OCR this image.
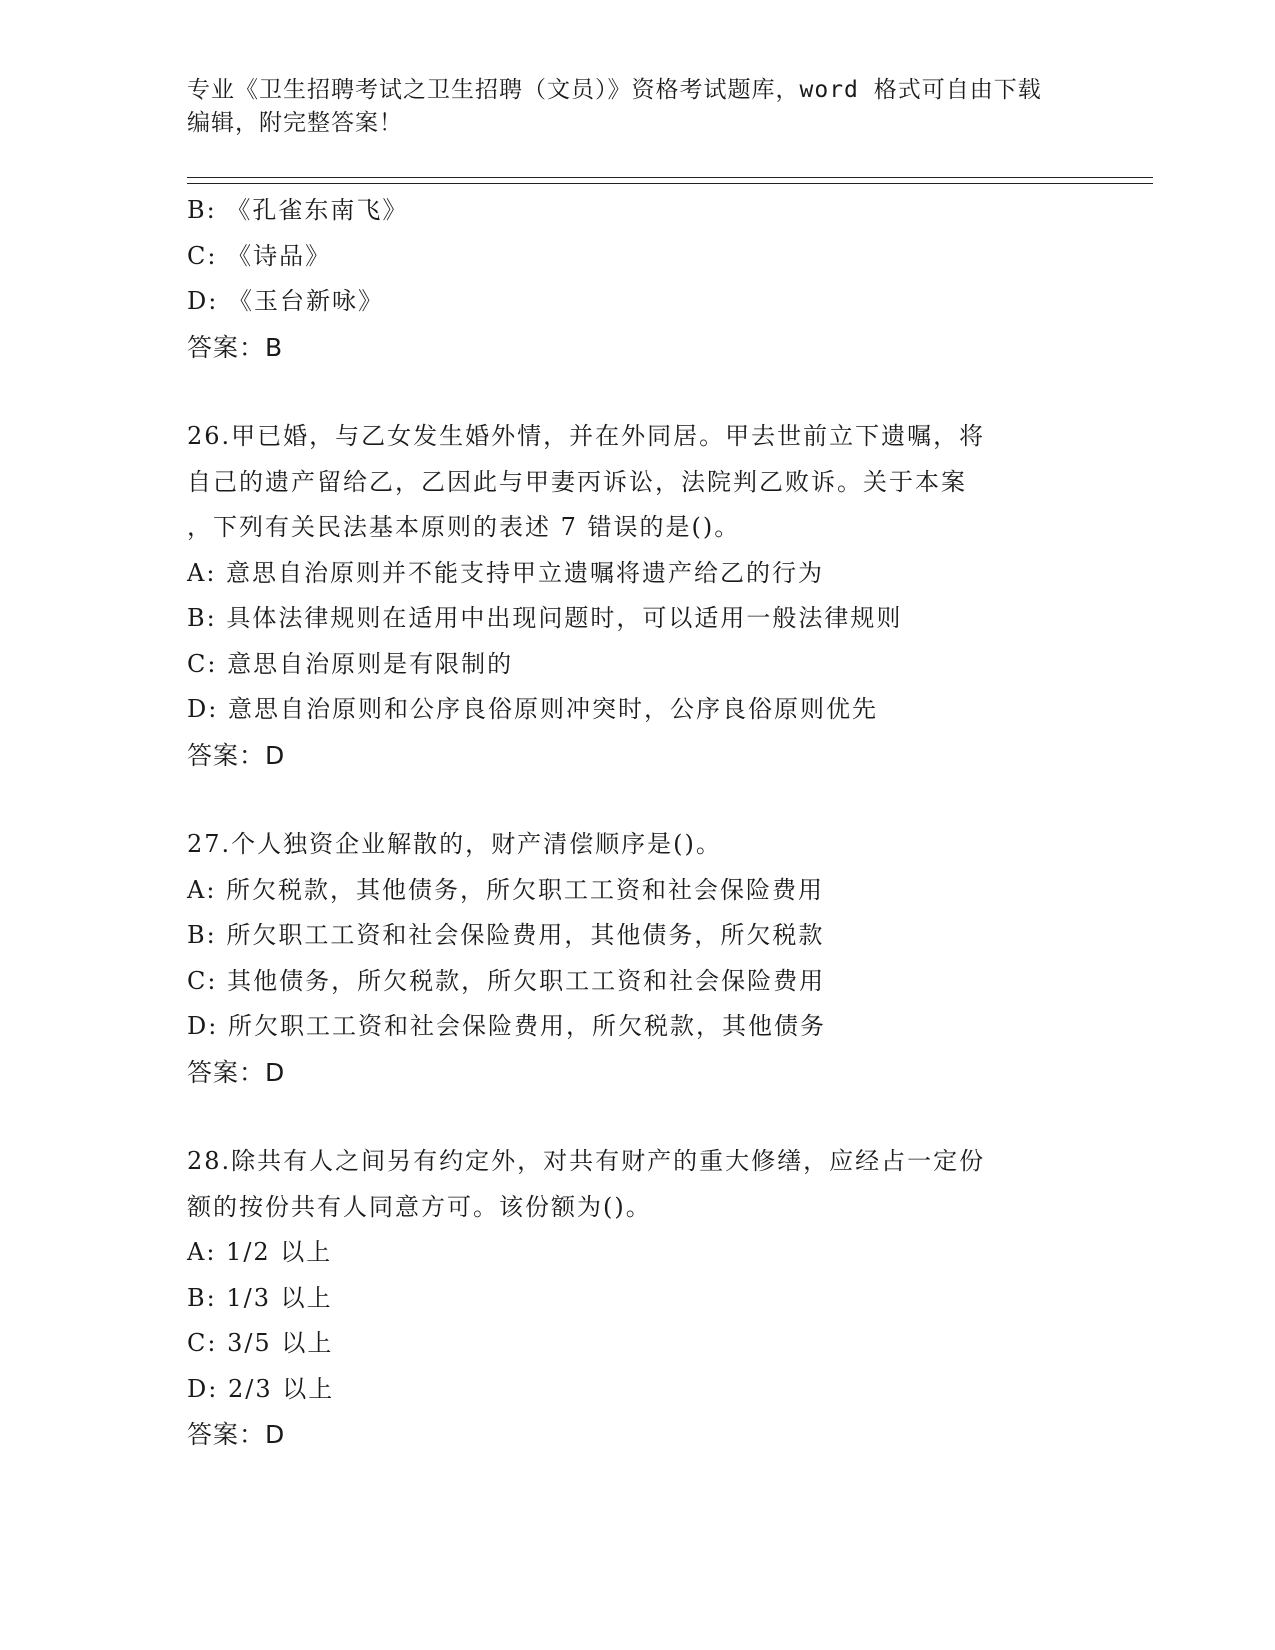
专业《卫生招聘考试之卫生招聘（文员）》资格考试题库，word 格式可自由下载
编辑，附完整答案！
B: 《孔雀东南飞》
C: 《诗品》
D: 《玉台新咏》
答案：B
26.甲已婚，与乙女发生婚外情，并在外同居。甲去世前立下遗嘱，将
自己的遗产留给乙，乙因此与甲妻丙诉讼，法院判乙败诉。关于本案
，下列有关民法基本原则的表述 7 错误的是()。
A: 意思自治原则并不能支持甲立遗嘱将遗产给乙的行为
B: 具体法律规则在适用中出现问题时，可以适用一般法律规则
C: 意思自治原则是有限制的
D: 意思自治原则和公序良俗原则冲突时，公序良俗原则优先
答案：D
27.个人独资企业解散的，财产清偿顺序是()。
A: 所欠税款，其他债务，所欠职工工资和社会保险费用
B: 所欠职工工资和社会保险费用，其他债务，所欠税款
C: 其他债务，所欠税款，所欠职工工资和社会保险费用
D: 所欠职工工资和社会保险费用，所欠税款，其他债务
答案：D
28.除共有人之间另有约定外，对共有财产的重大修缮，应经占一定份
额的按份共有人同意方可。该份额为()。
A: 1/2 以上
B: 1/3 以上
C: 3/5 以上
D: 2/3 以上
答案：D
